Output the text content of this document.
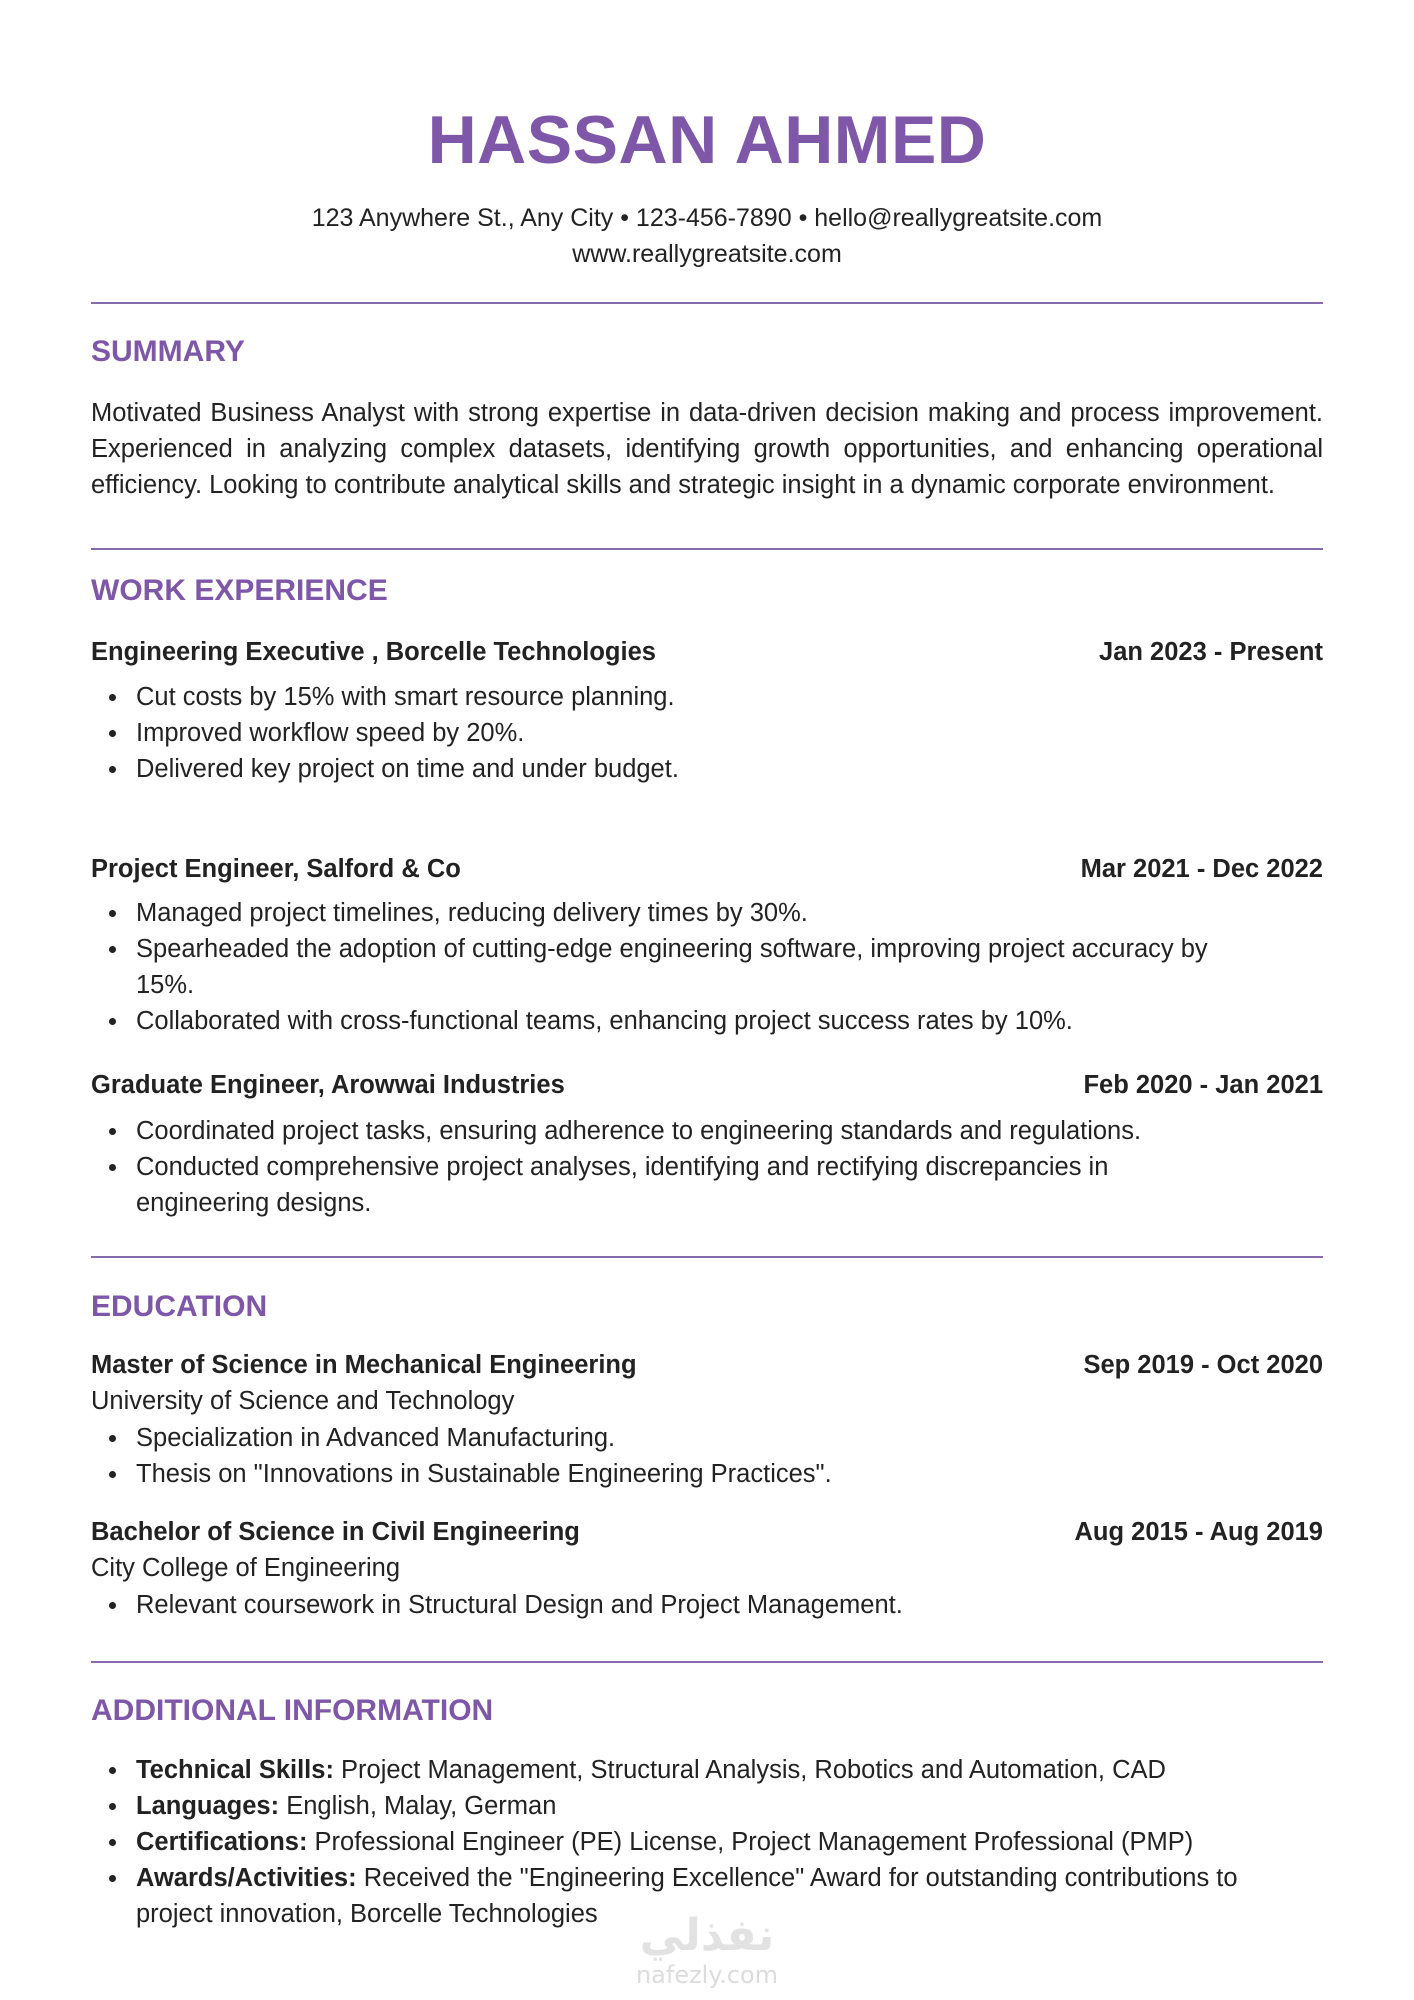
HASSAN AHMED
123 Anywhere St., Any City • 123-456-7890 • hello@reallygreatsite.com
www.reallygreatsite.com
SUMMARY

Motivated Business Analyst with strong expertise in data-driven decision making and process improvement. Experienced in analyzing complex datasets, identifying growth opportunities, and enhancing operational efficiency. Looking to contribute analytical skills and strategic insight in a dynamic corporate environment.

WORK EXPERIENCE
Engineering Executive , Borcelle Technologies	Jan 2023 - Present
Cut costs by 15% with smart resource planning.
Improved workflow speed by 20%.
Delivered key project on time and under budget.
Project Engineer, Salford & Co	Mar 2021 - Dec 2022
Managed project timelines, reducing delivery times by 30%.
Spearheaded the adoption of cutting-edge engineering software, improving project accuracy by 15%.
Collaborated with cross-functional teams, enhancing project success rates by 10%.
Graduate Engineer, Arowwai Industries	Feb 2020 - Jan 2021
Coordinated project tasks, ensuring adherence to engineering standards and regulations.
Conducted comprehensive project analyses, identifying and rectifying discrepancies in engineering designs.
EDUCATION
Master of Science in Mechanical Engineering	Sep 2019 - Oct 2020
University of Science and Technology
Specialization in Advanced Manufacturing.
Thesis on "Innovations in Sustainable Engineering Practices".
Bachelor of Science in Civil Engineering	Aug 2015 - Aug 2019
City College of Engineering
Relevant coursework in Structural Design and Project Management.
ADDITIONAL INFORMATION
Technical Skills: Project Management, Structural Analysis, Robotics and Automation, CAD
Languages: English, Malay, German
Certifications: Professional Engineer (PE) License, Project Management Professional (PMP)
Awards/Activities: Received the "Engineering Excellence" Award for outstanding contributions to project innovation, Borcelle Technologies نفذلي
nafezly.com
